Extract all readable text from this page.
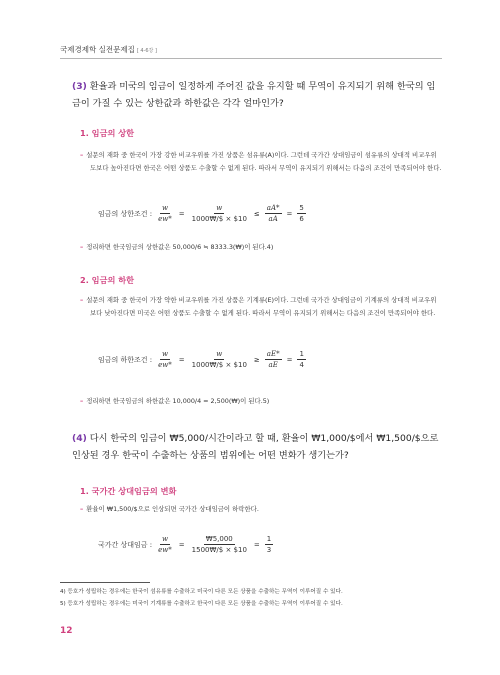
국제경제학 실전문제집 [ 4-6강 ]
(3) 환율과 미국의 임금이 일정하게 주어진 값을 유지할 때 무역이 유지되기 위해 한국의 임금이 가질 수 있는 상한값과 하한값은 각각 얼마인가?
1. 임금의 상한
– 설문의 재화 중 한국이 가장 강한 비교우위를 가진 상품은 섬유류(A)이다. 그런데 국가간 상대임금이 섬유류의 상대적 비교우위도보다 높아진다면 한국은 어떤 상품도 수출할 수 없게 된다. 따라서 무역이 유지되기 위해서는 다음의 조건이 만족되어야 한다.
임금의 상한조건 : $\frac{w}{ew*} = \frac{w}{1000₩/\$ \times \$10} \le \frac{aA*}{aA} = \frac{5}{6}$
– 정리하면 한국임금의 상한값은 50,000/6 ≒ 8333.3(₩)이 된다.4)
2. 임금의 하한
– 설문의 재화 중 한국이 가장 약한 비교우위를 가진 상품은 기계류(E)이다. 그런데 국가간 상대임금이 기계류의 상대적 비교우위보다 낮아진다면 미국은 어떤 상품도 수출할 수 없게 된다. 따라서 무역이 유지되기 위해서는 다음의 조건이 만족되어야 한다.
임금의 하한조건 : $\frac{w}{ew*} = \frac{w}{1000₩/\$ \times \$10} \ge \frac{aE*}{aE} = \frac{1}{4}$
– 정리하면 한국임금의 하한값은 10,000/4 = 2,500(₩)이 된다.5)
(4) 다시 한국의 임금이 ₩5,000/시간이라고 할 때, 환율이 ₩1,000/$에서 ₩1,500/$으로 인상된 경우 한국이 수출하는 상품의 범위에는 어떤 변화가 생기는가?
1. 국가간 상대임금의 변화
– 환율이 ₩1,500/$으로 인상되면 국가간 상대임금이 하락한다.
국가간 상대임금 : $\frac{w}{ew*} = \frac{₩5,000}{1500₩/\$ \times \$10} = \frac{1}{3}$
4) 등호가 성립하는 경우에는 한국이 섬유류를 수출하고 미국이 다른 모든 상품을 수출하는 무역이 이루어질 수 있다.
5) 등호가 성립하는 경우에는 미국이 기계류를 수출하고 한국이 다른 모든 상품을 수출하는 무역이 이루어질 수 있다.
12
